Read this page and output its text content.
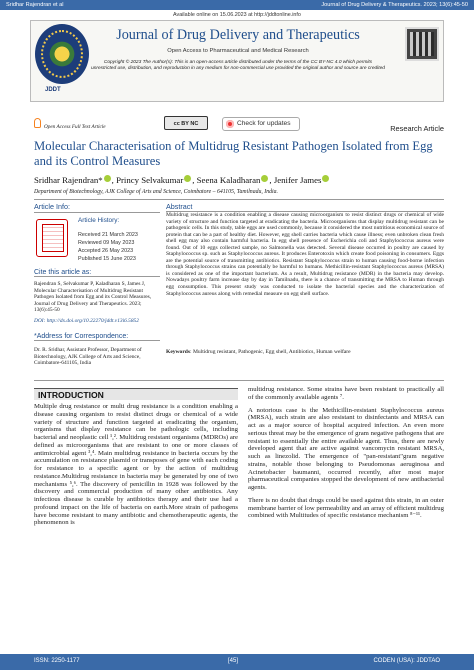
Sridhar Rajendran et al	Journal of Drug Delivery & Therapeutics. 2023; 13(6):45-50
Available online on 15.06.2023 at http://jddtonline.info
JDDT
Journal of Drug Delivery and Therapeutics
Open Access to Pharmaceutical and Medical Research
Copyright © 2023 The Author(s): This is an open-access article distributed under the terms of the CC BY-NC 4.0 which permits unrestricted use, distribution, and reproduction in any medium for non-commercial use provided the original author and source are credited
Open Access Full Text Article	cc BY NC	Check for updates
Research Article
Molecular Characterisation of Multidrug Resistant Pathogen Isolated from Egg and its Control Measures
Sridhar Rajendran* , Princy Selvakumar , Seena Kaladharan , Jenifer James
Department of Biotechnology, AJK College of Arts and Science, Coimbatore – 641105, Tamilnadu, India.
Article Info:
Article History:
Received 21 March 2023
Reviewed 09 May 2023
Accepted 26 May 2023
Published 15 June 2023
Cite this article as:
Rajendran S, Selvakumar P, Kaladharan S, James J, Molecular Characterisation of Multidrug Resistant Pathogen Isolated from Egg and its Control Measures, Journal of Drug Delivery and Therapeutics. 2023; 13(6):45-50
DOI: http://dx.doi.org/10.22270/jddt.v13i6.5852
*Address for Correspondence:
Dr. R. Sridhar, Assistant Professor, Department of Biotechnology, AJK College of Arts and Science, Coimbatore-641105, India
Abstract
Multidrug resistance is a condition enabling a disease causing microorganism to resist distinct drugs or chemical of wide variety of structure and function targeted at eradicating the bacteria. Microorganisms that display multidrug resistant can be pathogenic cells. In this study, table eggs are used commonly, because it considered the most nutritious economical source of protein that can be a part of healthy diet. However, egg shell carries bacteria which cause illness; even unbroken clean fresh shell egg may also contain harmful bacteria. In egg shell presence of Escherichia coli and Staphylococcus aureus were found. Out of 10 eggs collected sample, no Salmonella was detected. Several disease occurred in poultry are caused by Staphylococcus sp. such as Staphylococcus aureus. It produces Enterotoxin which create food poisoning in consumers. Eggs are the potential source of transmitting antibiotics. Resistant Staphylococcus strain to human causing food-borne infection through Staphylococcus strains can potentially be harmful to humans. Methicillin-resistant Staphylococcus aureus (MRSA) is considered as one of the important bacterium. As a result, Multidrug resistance (MDR) in the bacteria may develop. Nowadays poultry farm increase day by day in Tamilnadu, there is a chance of transmitting the MRSA to Human through egg consumption. This present study was conducted to isolate the bacterial species and the characterization of Staphylococcus aureus along with remedial measure on egg shell surface.
Keywords: Multidrug resistant, Pathogenic, Egg shell, Antibiotics, Human welfare
INTRODUCTION
Multiple drug resistance or multi drug resistance is a condition enabling a disease causing organism to resist distinct drugs or chemical of a wide variety of structure and function targeted at eradicating the organism, organisms that display resistance can be pathologic cells, including bacterial and neoplastic cell ¹,². Multidrug resistant organisms (MDROs) are defined as microorganisms that are resistant to one or more classes of antimicrobial agent ³,⁴. Main multidrug resistance in bacteria occurs by the accumulation on resistance plasmid or transposes of gene with each coding for resistance to a specific agent or by the action of multidrug resistance.Multidrug resistance in bacteria may be generated by one of two mechanisms ⁵,⁶. The discovery of penicillin in 1928 was followed by the discovery and commercial production of many other antibiotics. Any infectious disease is curable by antibiotics therapy and their use had a profound impact on the life of bacteria on earth.More strain of pathogens have become resistant to many antibiotic and chemotherapeutic agents, the phenomenon is

multidrug resistance. Some strains have been resistant to practically all of the commonly available agents ⁷.

A notorious case is the Methicillin-resistant Staphylococcus aureus (MRSA), such strain are also resistant to disinfectants and MRSA can act as a major source of hospital acquired infection. An even more serious threat may be the emergence of gram negative pathogens that are resistant to essentially the entire available agent. Thus, there are newly developed agent that are active against vancomycin resistant MRSA, such as linezolid. The emergence of "pan-resistant"gram negative strains, notable those belonging to Pseudomonas aeruginosa and Acinetobacter baumanni, occurred recently, after most major pharmaceutical companies stopped the development of new antibacterial agents.

There is no doubt that drugs could be used against this strain, in an outer membrane barrier of low permeability and an array of efficient multidrug combined with Multitudes of specific resistance mechanism ⁸⁻¹¹.

ISSN: 2250-1177	[45]	CODEN (USA): JDDTAO
